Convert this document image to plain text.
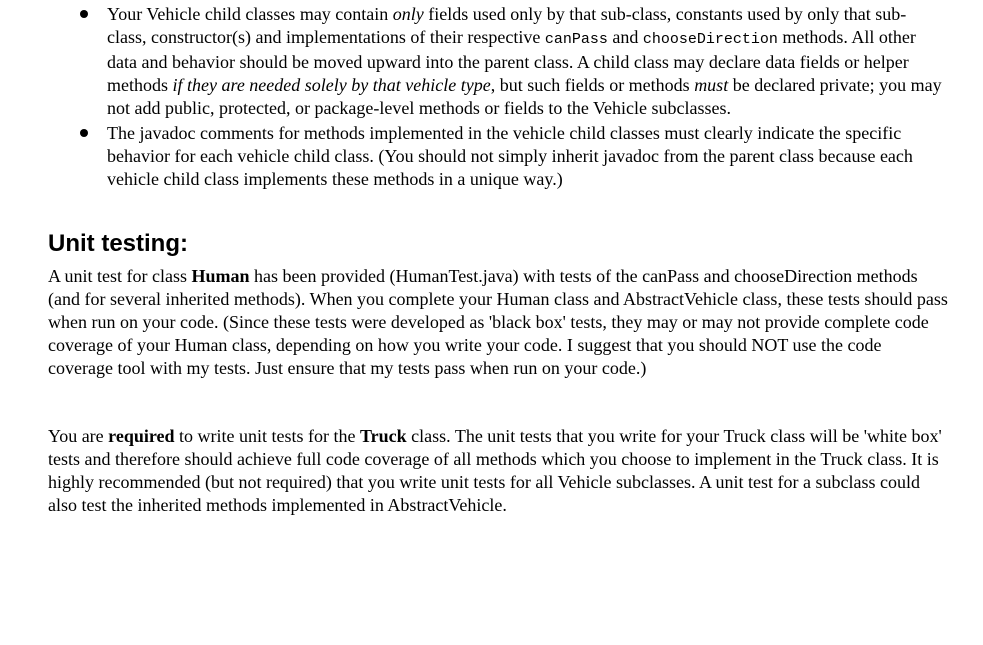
Your Vehicle child classes may contain only fields used only by that sub-class, constants used by only that sub-class, constructor(s) and implementations of their respective canPass and chooseDirection methods. All other data and behavior should be moved upward into the parent class. A child class may declare data fields or helper methods if they are needed solely by that vehicle type, but such fields or methods must be declared private; you may not add public, protected, or package-level methods or fields to the Vehicle subclasses.
The javadoc comments for methods implemented in the vehicle child classes must clearly indicate the specific behavior for each vehicle child class. (You should not simply inherit javadoc from the parent class because each vehicle child class implements these methods in a unique way.)
Unit testing:

A unit test for class Human has been provided (HumanTest.java) with tests of the canPass and chooseDirection methods (and for several inherited methods). When you complete your Human class and AbstractVehicle class, these tests should pass when run on your code. (Since these tests were developed as 'black box' tests, they may or may not provide complete code coverage of your Human class, depending on how you write your code. I suggest that you should NOT use the code coverage tool with my tests. Just ensure that my tests pass when run on your code.)

You are required to write unit tests for the Truck class. The unit tests that you write for your Truck class will be 'white box' tests and therefore should achieve full code coverage of all methods which you choose to implement in the Truck class. It is highly recommended (but not required) that you write unit tests for all Vehicle subclasses. A unit test for a subclass could also test the inherited methods implemented in AbstractVehicle.
